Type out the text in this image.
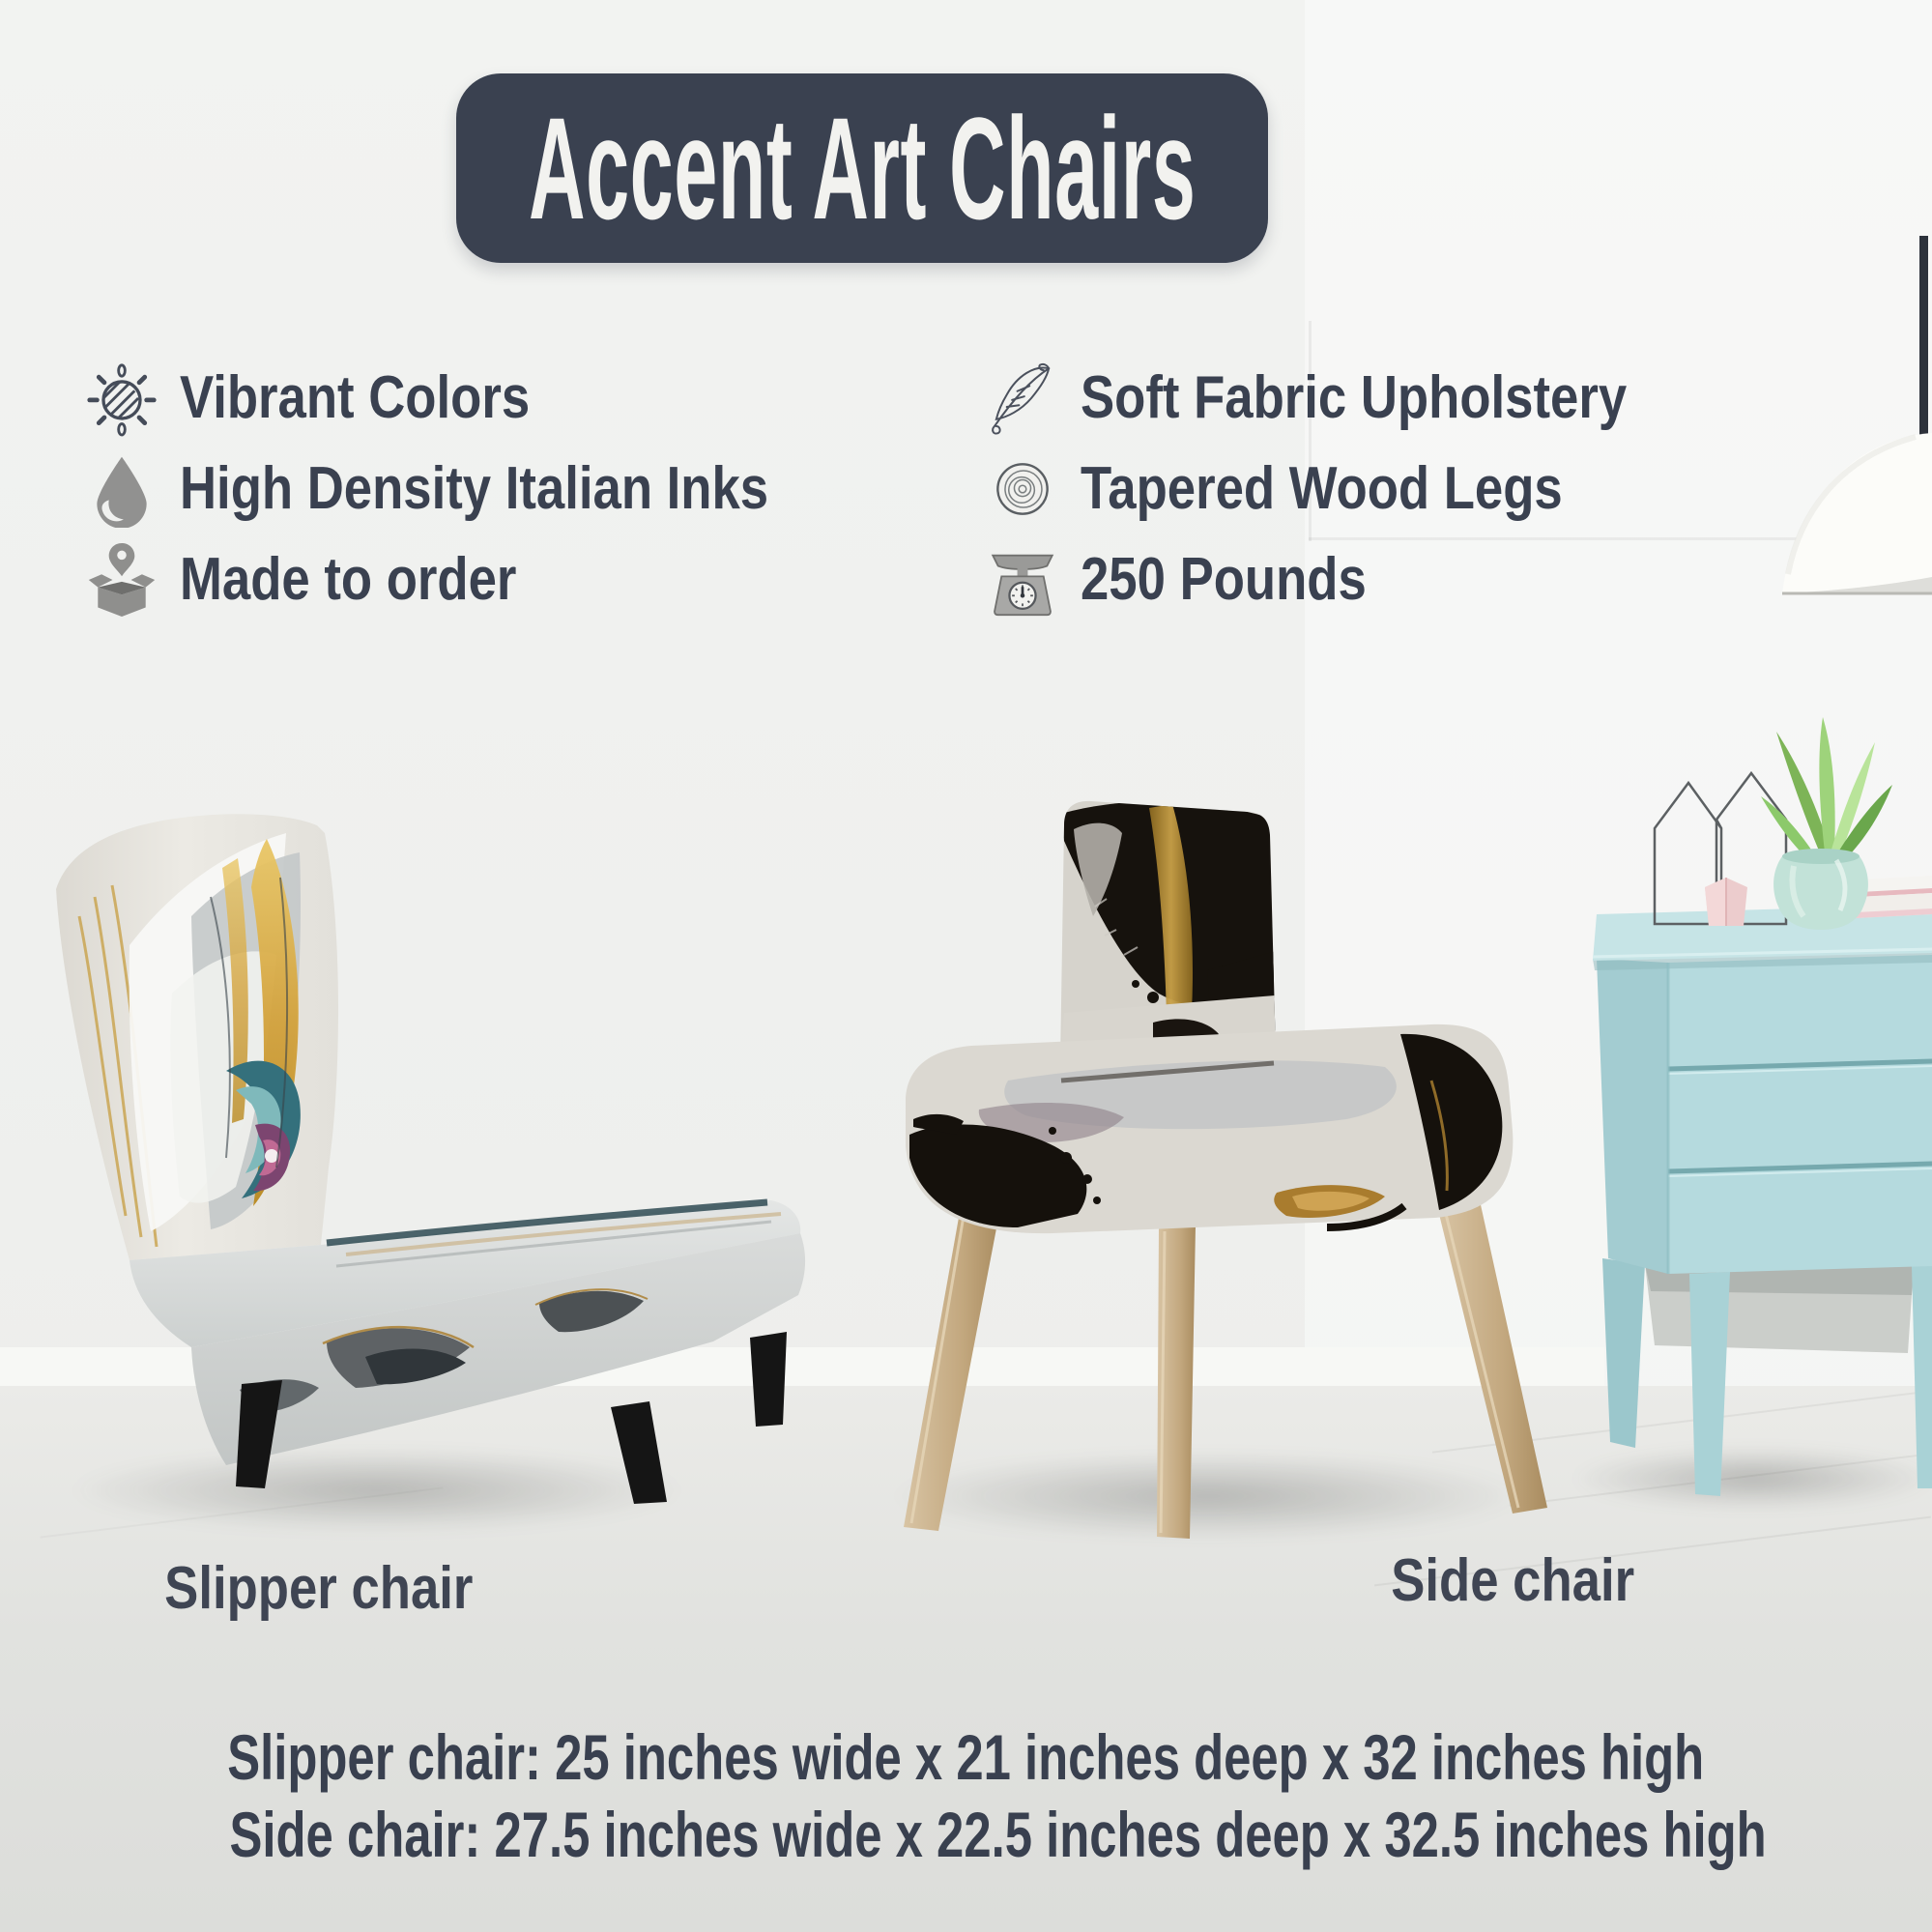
Accent Art Chairs
Vibrant Colors
High Density Italian Inks
Made to order
Soft Fabric Upholstery
Tapered Wood Legs
250 Pounds
Slipper chair	Side chair
Slipper chair: 25 inches wide x 21 inches deep x 32 inches high
Side chair: 27.5 inches wide x 22.5 inches deep x 32.5 inches high
